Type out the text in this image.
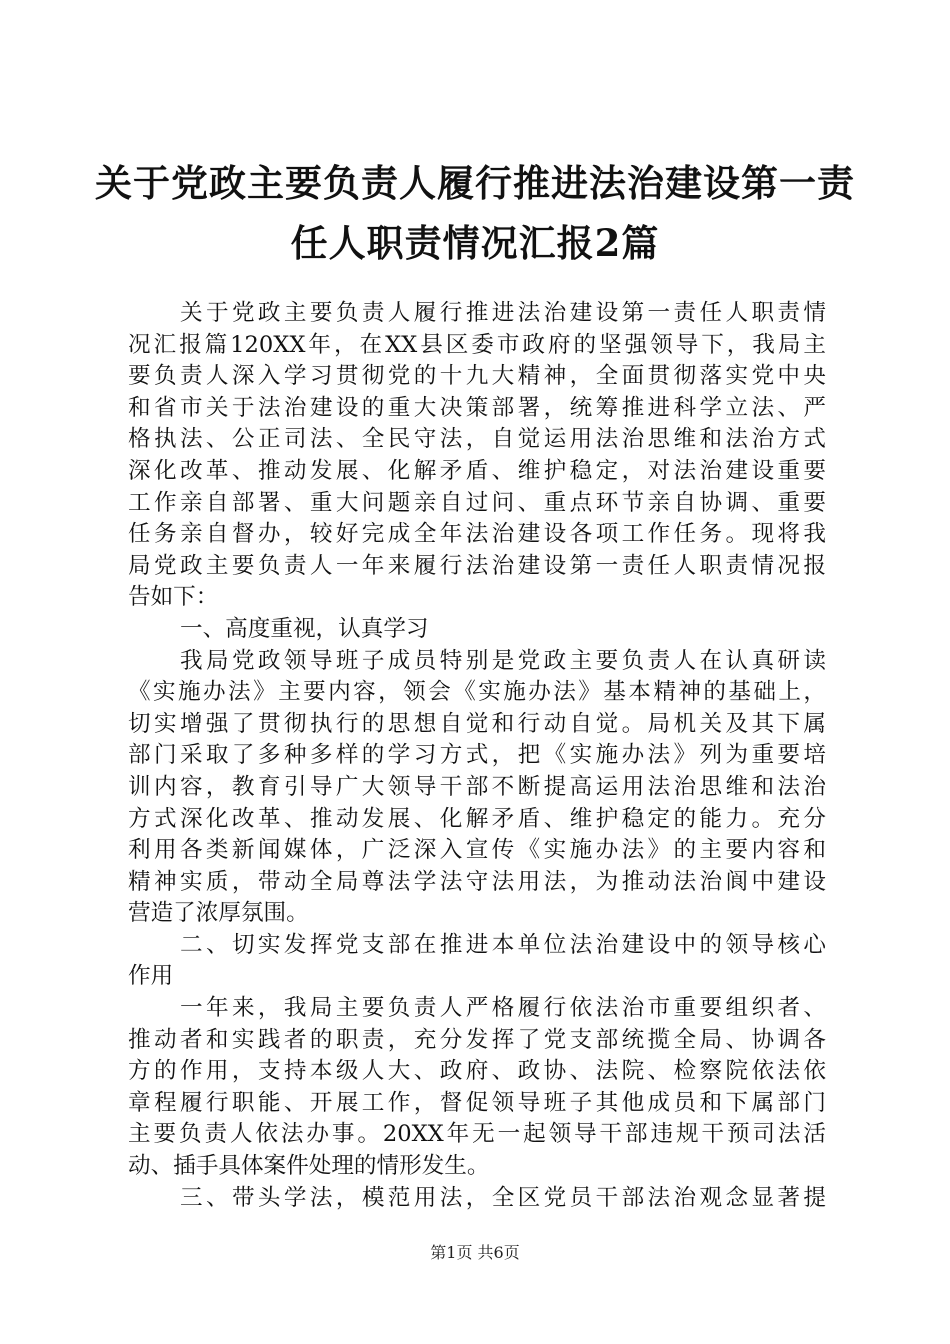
关于党政主要负责人履行推进法治建设第一责
任人职责情况汇报2篇
关于党政主要负责人履行推进法治建设第一责任人职责情
况汇报篇120XX年，在XX县区委市政府的坚强领导下，我局主
要负责人深入学习贯彻党的十九大精神，全面贯彻落实党中央
和省市关于法治建设的重大决策部署，统筹推进科学立法、严
格执法、公正司法、全民守法，自觉运用法治思维和法治方式
深化改革、推动发展、化解矛盾、维护稳定，对法治建设重要
工作亲自部署、重大问题亲自过问、重点环节亲自协调、重要
任务亲自督办，较好完成全年法治建设各项工作任务。现将我
局党政主要负责人一年来履行法治建设第一责任人职责情况报
告如下：
一、高度重视，认真学习
我局党政领导班子成员特别是党政主要负责人在认真研读
《实施办法》主要内容，领会《实施办法》基本精神的基础上，
切实增强了贯彻执行的思想自觉和行动自觉。局机关及其下属
部门采取了多种多样的学习方式，把《实施办法》列为重要培
训内容，教育引导广大领导干部不断提高运用法治思维和法治
方式深化改革、推动发展、化解矛盾、维护稳定的能力。充分
利用各类新闻媒体，广泛深入宣传《实施办法》的主要内容和
精神实质，带动全局尊法学法守法用法，为推动法治阆中建设
营造了浓厚氛围。
二、切实发挥党支部在推进本单位法治建设中的领导核心
作用
一年来，我局主要负责人严格履行依法治市重要组织者、
推动者和实践者的职责，充分发挥了党支部统揽全局、协调各
方的作用，支持本级人大、政府、政协、法院、检察院依法依
章程履行职能、开展工作，督促领导班子其他成员和下属部门
主要负责人依法办事。20XX年无一起领导干部违规干预司法活
动、插手具体案件处理的情形发生。
三、带头学法，模范用法，全区党员干部法治观念显著提
第1页 共6页
